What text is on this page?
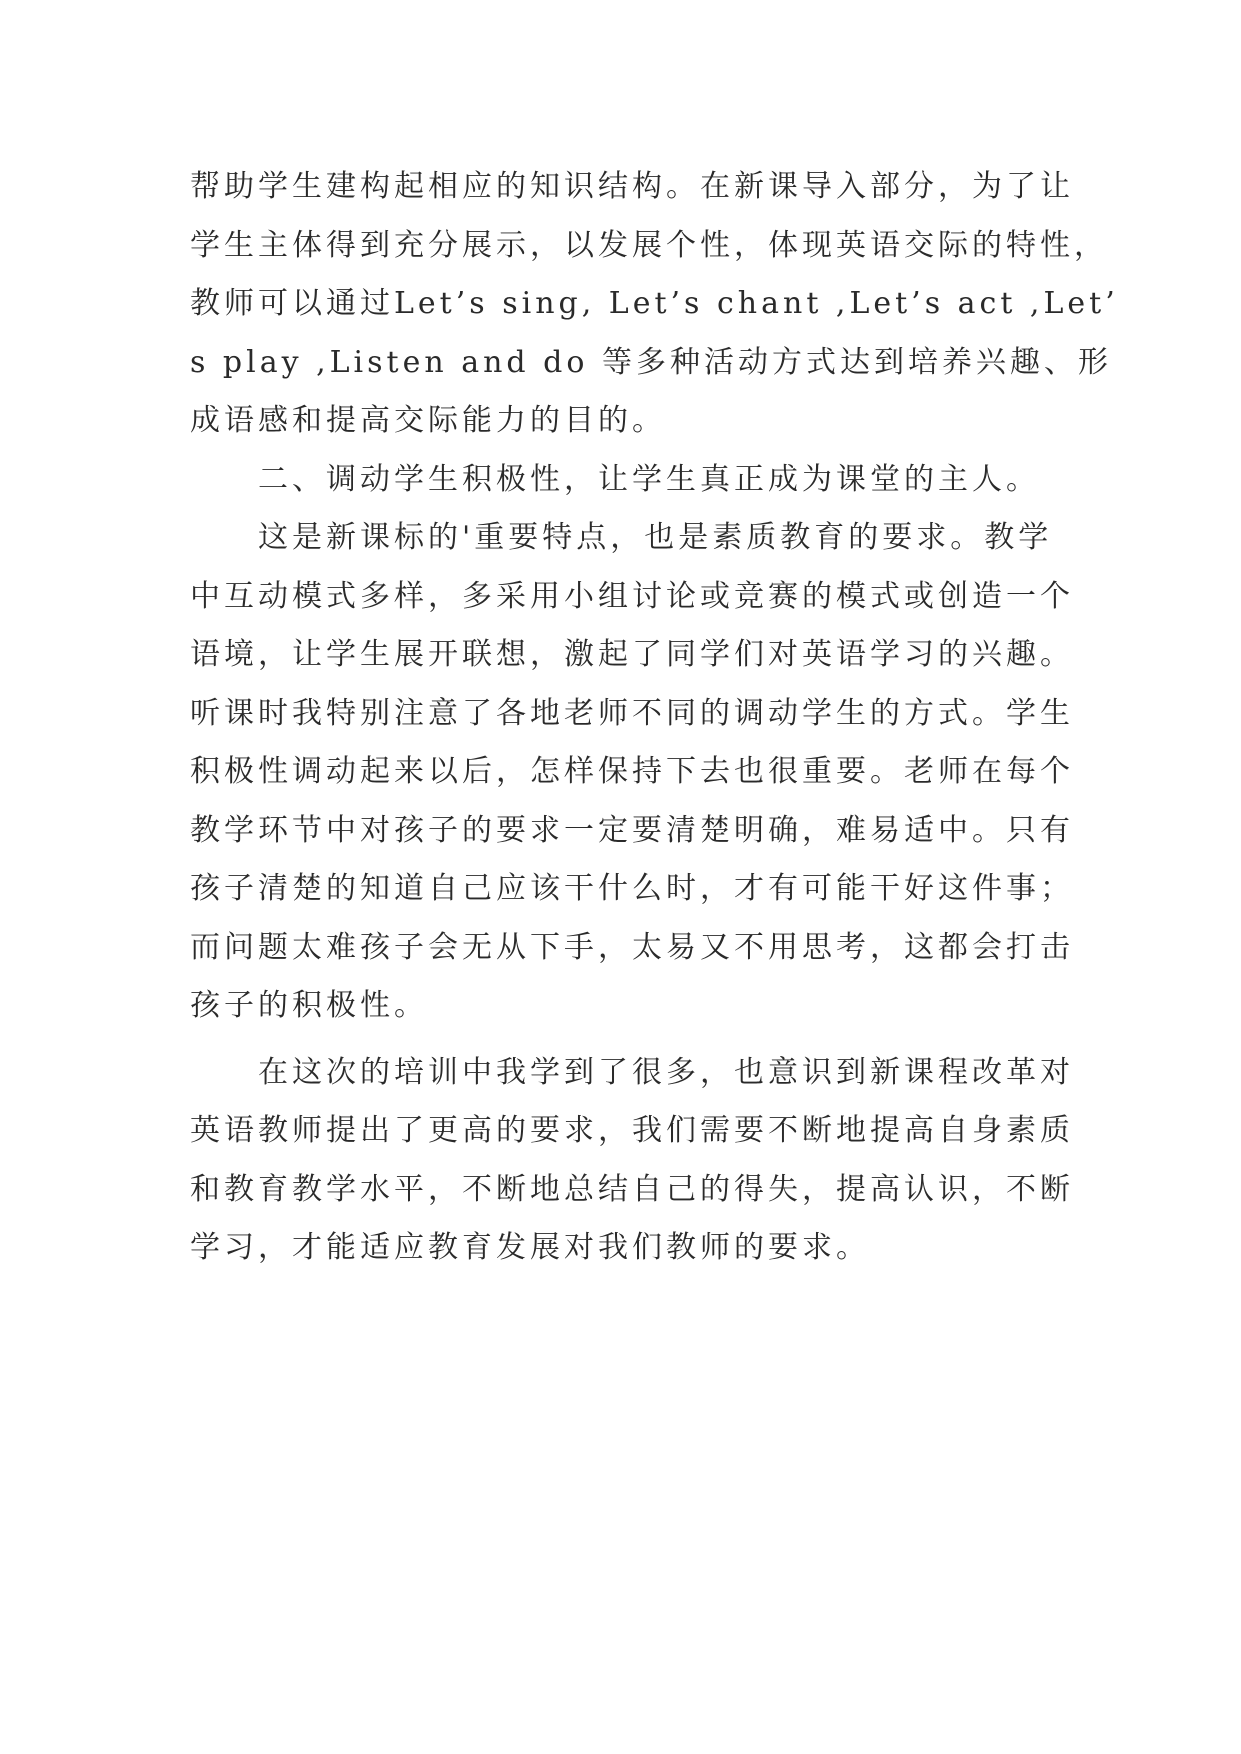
帮助学生建构起相应的知识结构。在新课导入部分，为了让
学生主体得到充分展示，以发展个性，体现英语交际的特性，
教师可以通过Let’s sing, Let’s chant ,Let’s act ,Let’
s play ,Listen and do 等多种活动方式达到培养兴趣、形
成语感和提高交际能力的目的。
　　二、调动学生积极性，让学生真正成为课堂的主人。
　　这是新课标的'重要特点，也是素质教育的要求。教学
中互动模式多样，多采用小组讨论或竞赛的模式或创造一个
语境，让学生展开联想，激起了同学们对英语学习的兴趣。
听课时我特别注意了各地老师不同的调动学生的方式。学生
积极性调动起来以后，怎样保持下去也很重要。老师在每个
教学环节中对孩子的要求一定要清楚明确，难易适中。只有
孩子清楚的知道自己应该干什么时，才有可能干好这件事；
而问题太难孩子会无从下手，太易又不用思考，这都会打击
孩子的积极性。
　　在这次的培训中我学到了很多，也意识到新课程改革对
英语教师提出了更高的要求，我们需要不断地提高自身素质
和教育教学水平，不断地总结自己的得失，提高认识，不断
学习，才能适应教育发展对我们教师的要求。
